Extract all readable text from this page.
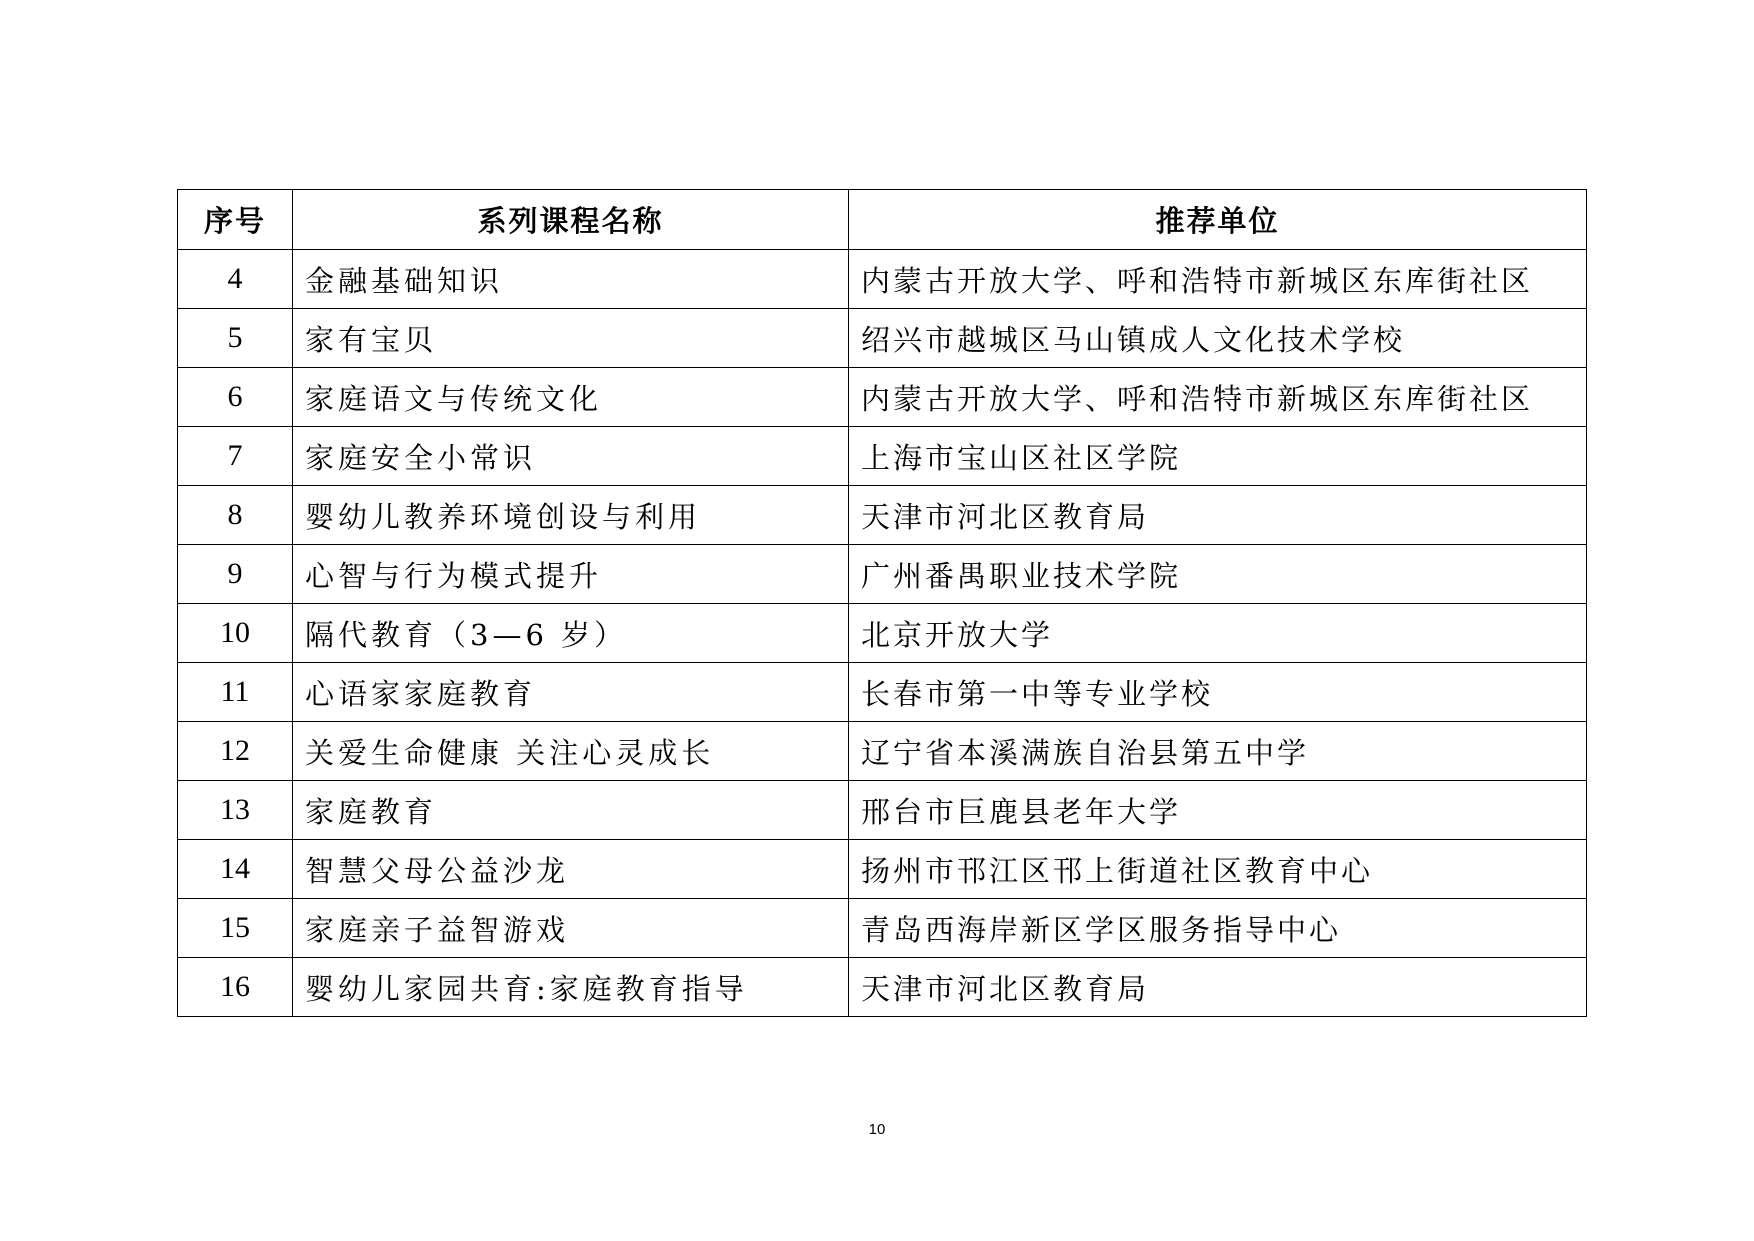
序号	系列课程名称	推荐单位
4	金融基础知识	内蒙古开放大学、呼和浩特市新城区东库街社区
5	家有宝贝	绍兴市越城区马山镇成人文化技术学校
6	家庭语文与传统文化	内蒙古开放大学、呼和浩特市新城区东库街社区
7	家庭安全小常识	上海市宝山区社区学院
8	婴幼儿教养环境创设与利用	天津市河北区教育局
9	心智与行为模式提升	广州番禺职业技术学院
10	隔代教育（3—6 岁）	北京开放大学
11	心语家家庭教育	长春市第一中等专业学校
12	关爱生命健康 关注心灵成长	辽宁省本溪满族自治县第五中学
13	家庭教育	邢台市巨鹿县老年大学
14	智慧父母公益沙龙	扬州市邗江区邗上街道社区教育中心
15	家庭亲子益智游戏	青岛西海岸新区学区服务指导中心
16	婴幼儿家园共育:家庭教育指导	天津市河北区教育局
10
